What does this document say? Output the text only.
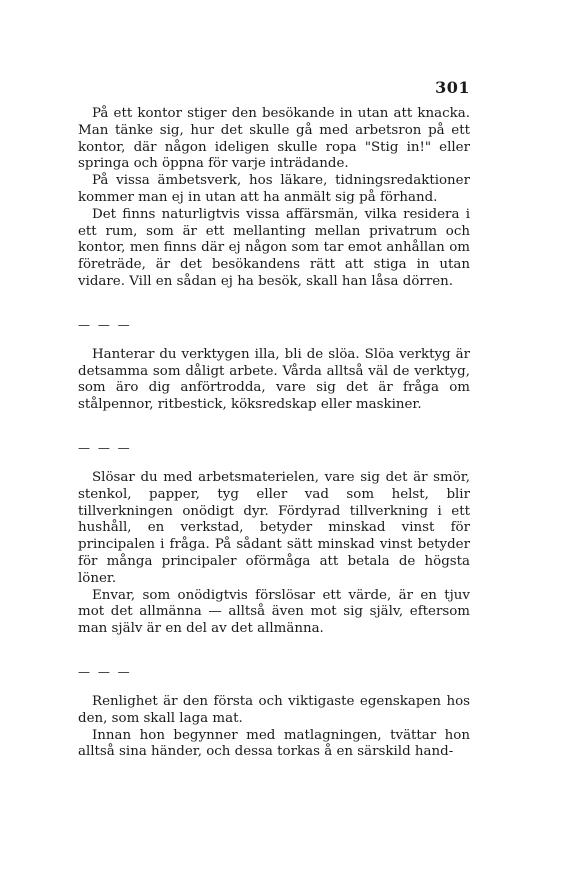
301

På ett kontor stiger den besökande in utan att knacka. Man tänke sig, hur det skulle gå med arbetsron på ett kontor, där någon ideligen skulle ropa "Stig in!" eller springa och öppna för varje inträdande.

På vissa ämbetsverk, hos läkare, tidningsredaktioner kommer man ej in utan att ha anmält sig på förhand.

Det finns naturligtvis vissa affärsmän, vilka residera i ett rum, som är ett mellanting mellan privatrum och kontor, men finns där ej någon som tar emot anhållan om företräde, är det besökandens rätt att stiga in utan vidare. Vill en sådan ej ha besök, skall han låsa dörren.

— — —

Hanterar du verktygen illa, bli de slöa. Slöa verktyg är detsamma som dåligt arbete. Vårda alltså väl de verktyg, som äro dig anförtrodda, vare sig det är fråga om stålpennor, ritbestick, köksredskap eller maskiner.

— — —

Slösar du med arbetsmaterielen, vare sig det är smör, stenkol, papper, tyg eller vad som helst, blir tillverkningen onödigt dyr. Fördyrad tillverkning i ett hushåll, en verkstad, betyder minskad vinst för principalen i fråga. På sådant sätt minskad vinst betyder för många principaler oförmåga att betala de högsta löner.

Envar, som onödigtvis förslösar ett värde, är en tjuv mot det allmänna — alltså även mot sig själv, eftersom man själv är en del av det allmänna.

— — —

Renlighet är den första och viktigaste egenskapen hos den, som skall laga mat.

Innan hon begynner med matlagningen, tvättar hon alltså sina händer, och dessa torkas å en särskild hand-
